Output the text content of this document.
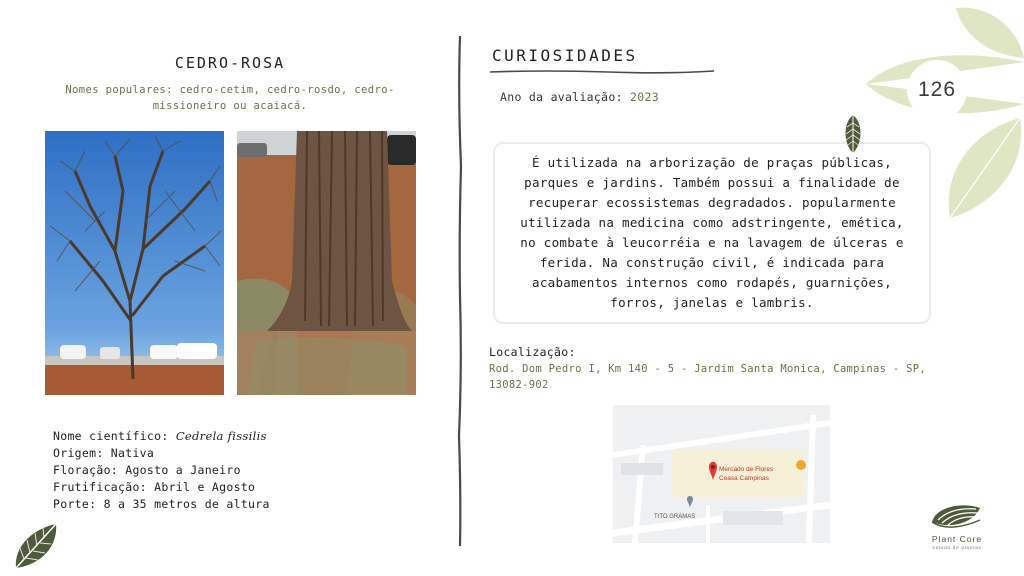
CEDRO-ROSA
Nomes populares: cedro-cetim, cedro-rosdo, cedro-missioneiro ou acaiacá.
Nome científico: Cedrela fissilis
Origem: Nativa
Floração: Agosto a Janeiro
Frutificação: Abril e Agosto
Porte: 8 a 35 metros de altura
CURIOSIDADES
Ano da avaliação: 2023
É utilizada na arborização de praças públicas, parques e jardins. Também possui a finalidade de recuperar ecossistemas degradados. popularmente utilizada na medicina como adstringente, emética, no combate à leucorréia e na lavagem de úlceras e ferida. Na construção civil, é indicada para acabamentos internos como rodapés, guarnições, forros, janelas e lambris.
Localização:
Rod. Dom Pedro I, Km 140 - 5 - Jardim Santa Monica, Campinas - SP, 13082-902
Mercado de Flores
Ceasa Campinas
TITO GRAMAS
126
Plant Core
estudo de plantas
